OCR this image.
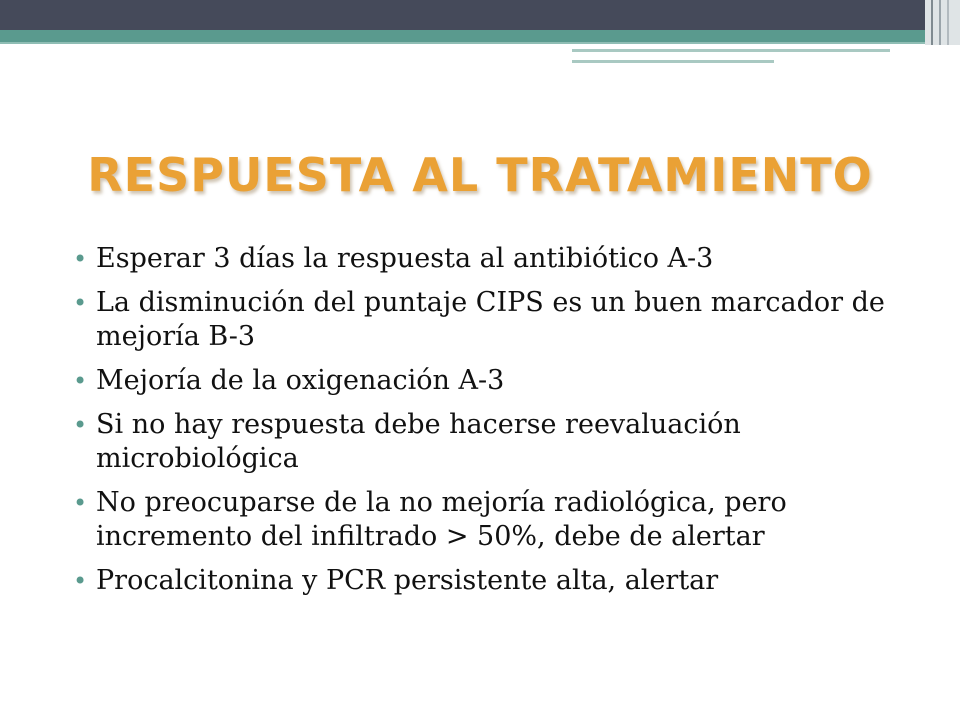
RESPUESTA AL TRATAMIENTO
• Esperar 3 días la respuesta al antibiótico A-3
• La disminución del puntaje CIPS es un buen marcador de mejoría B-3
• Mejoría de la oxigenación A-3
• Si no hay respuesta debe hacerse reevaluación microbiológica
• No preocuparse de la no mejoría radiológica, pero incremento del infiltrado > 50%, debe de alertar
• Procalcitonina y PCR persistente alta, alertar
